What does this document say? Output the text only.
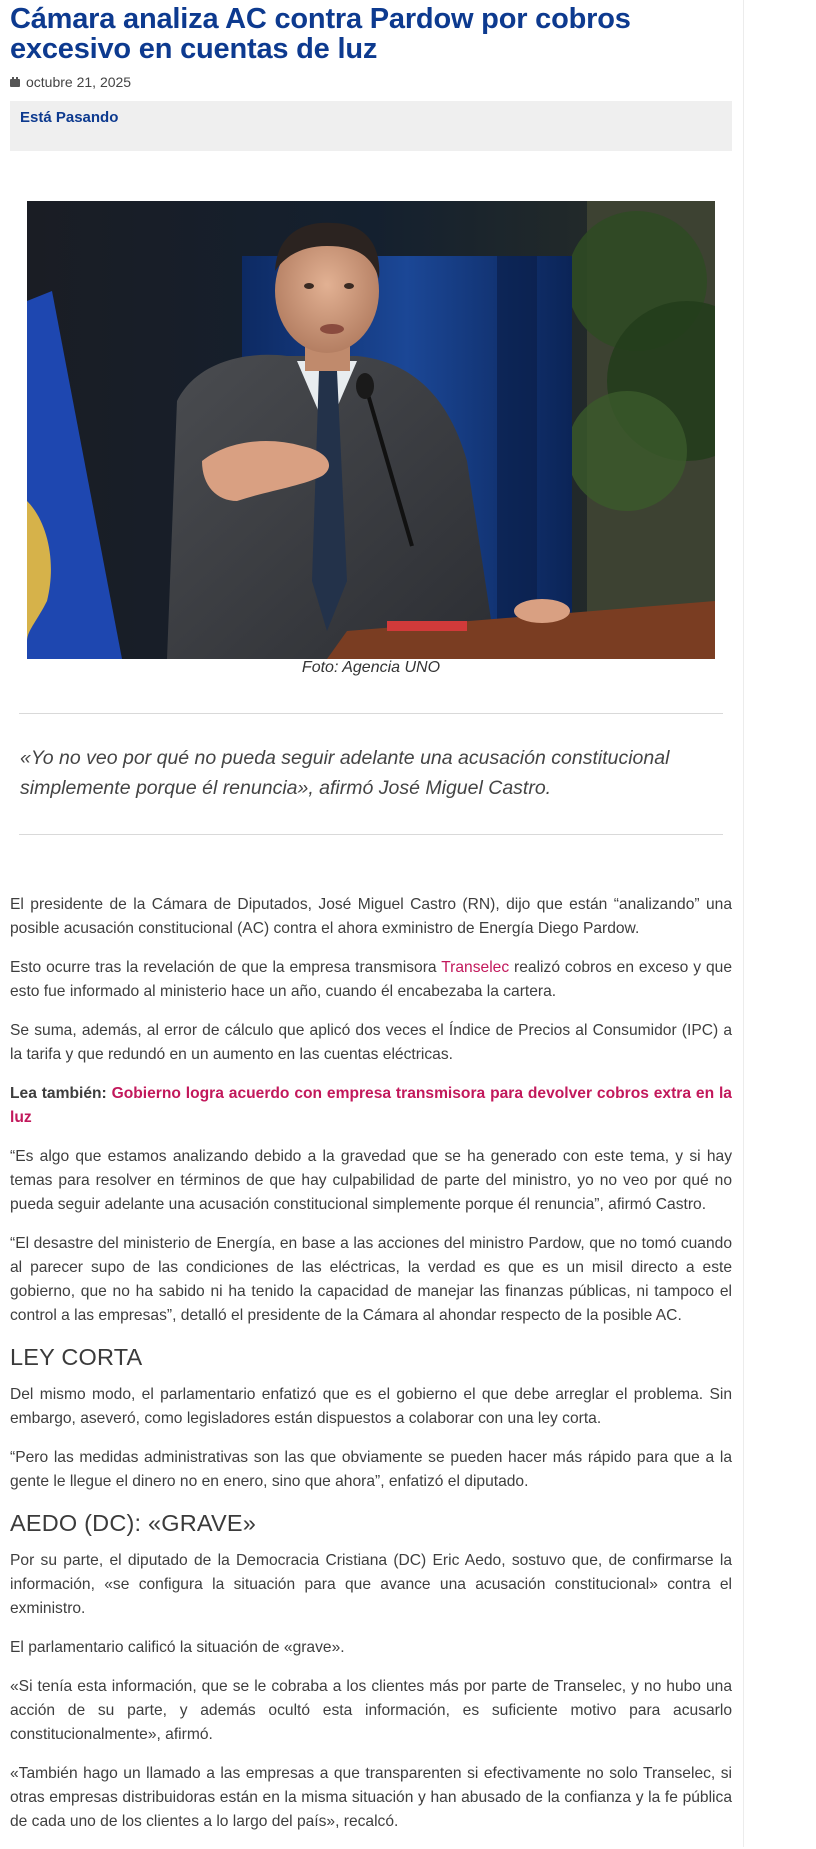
Cámara analiza AC contra Pardow por cobros excesivo en cuentas de luz
octubre 21, 2025
Está Pasando
Foto: Agencia UNO
«Yo no veo por qué no pueda seguir adelante una acusación constitucional simplemente porque él renuncia», afirmó José Miguel Castro.

El presidente de la Cámara de Diputados, José Miguel Castro (RN), dijo que están “analizando” una posible acusación constitucional (AC) contra el ahora exministro de Energía Diego Pardow.

Esto ocurre tras la revelación de que la empresa transmisora Transelec realizó cobros en exceso y que esto fue informado al ministerio hace un año, cuando él encabezaba la cartera.

Se suma, además, al error de cálculo que aplicó dos veces el Índice de Precios al Consumidor (IPC) a la tarifa y que redundó en un aumento en las cuentas eléctricas.

Lea también: Gobierno logra acuerdo con empresa transmisora para devolver cobros extra en la luz

“Es algo que estamos analizando debido a la gravedad que se ha generado con este tema, y si hay temas para resolver en términos de que hay culpabilidad de parte del ministro, yo no veo por qué no pueda seguir adelante una acusación constitucional simplemente porque él renuncia”, afirmó Castro.

“El desastre del ministerio de Energía, en base a las acciones del ministro Pardow, que no tomó cuando al parecer supo de las condiciones de las eléctricas, la verdad es que es un misil directo a este gobierno, que no ha sabido ni ha tenido la capacidad de manejar las finanzas públicas, ni tampoco el control a las empresas”, detalló el presidente de la Cámara al ahondar respecto de la posible AC.

LEY CORTA

Del mismo modo, el parlamentario enfatizó que es el gobierno el que debe arreglar el problema. Sin embargo, aseveró, como legisladores están dispuestos a colaborar con una ley corta.

“Pero las medidas administrativas son las que obviamente se pueden hacer más rápido para que a la gente le llegue el dinero no en enero, sino que ahora”, enfatizó el diputado.

AEDO (DC): «GRAVE»

Por su parte, el diputado de la Democracia Cristiana (DC) Eric Aedo, sostuvo que, de confirmarse la información, «se configura la situación para que avance una acusación constitucional» contra el exministro.

El parlamentario calificó la situación de «grave».

«Si tenía esta información, que se le cobraba a los clientes más por parte de Transelec, y no hubo una acción de su parte, y además ocultó esta información, es suficiente motivo para acusarlo constitucionalmente», afirmó.

«También hago un llamado a las empresas a que transparenten si efectivamente no solo Transelec, si otras empresas distribuidoras están en la misma situación y han abusado de la confianza y la fe pública de cada uno de los clientes a lo largo del país», recalcó.
